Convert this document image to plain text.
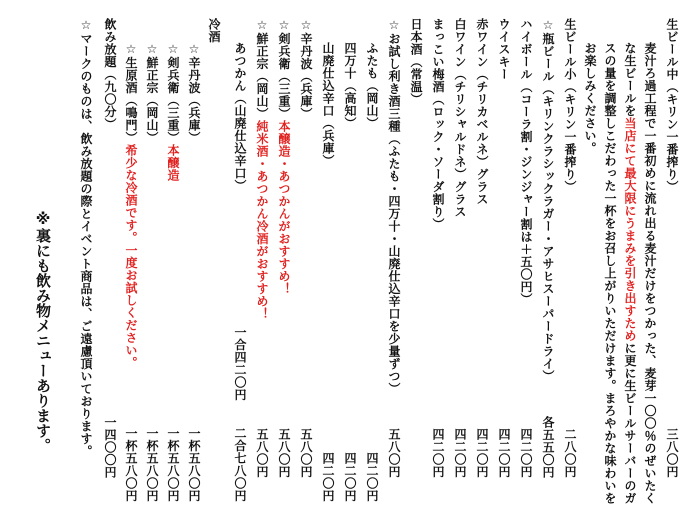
生ビール中（キリン一番搾り）
三八〇円
麦汁ろ過工程で一番初めに流れ出る麦汁だけをつかった、麦芽一〇〇％のぜいたく
な生ビールを当店にて最大限にうまみを引き出すために更に生ビールサーバーのガ
スの量を調整しこだわった一杯をお召し上がりいただけます。まろやかな味わいを
お楽しみください。
生ビール小（キリン一番搾り）
二八〇円
☆瓶ビール（キリンクラシックラガー・アサヒスーパードライ）
各五五〇円
ハイボール（コーラ割・ジンジャー割は＋五〇円）
四二〇円
ウイスキー
四二〇円
赤ワイン（チリカベルネ）グラス
四二〇円
白ワイン（チリシャルドネ）グラス
四二〇円
まっこい梅酒（ロック・ソーダ割り）
四二〇円
日本酒（常温）
☆お試し利き酒三種（ふたも・四万十・山廃仕込辛口を少量ずつ）
五八〇円
ふたも（岡山）
四二〇円
四万十（高知）
四二〇円
山廃仕込辛口（兵庫）
四二〇円
☆辛丹波（兵庫）
五八〇円
☆剣兵衛（三重）本醸造・あつかんがおすすめ！
五八〇円
☆鮮正宗（岡山）純米酒・あつかん冷酒がおすすめ！
五八〇円
あつかん（山廃仕込辛口）
一合四二〇円
二合七八〇円
冷酒
☆辛丹波（兵庫）
一杯五八〇円
☆剣兵衛（三重）本醸造
一杯五八〇円
☆鮮正宗（岡山）
一杯五八〇円
☆生原酒（鳴門）希少な冷酒です。一度お試しください。
一杯五八〇円
飲み放題（九〇分）
一四〇〇円
☆マークのものは、飲み放題の際とイベント商品は、ご遠慮頂いております。
※裏にも飲み物メニューあります。
